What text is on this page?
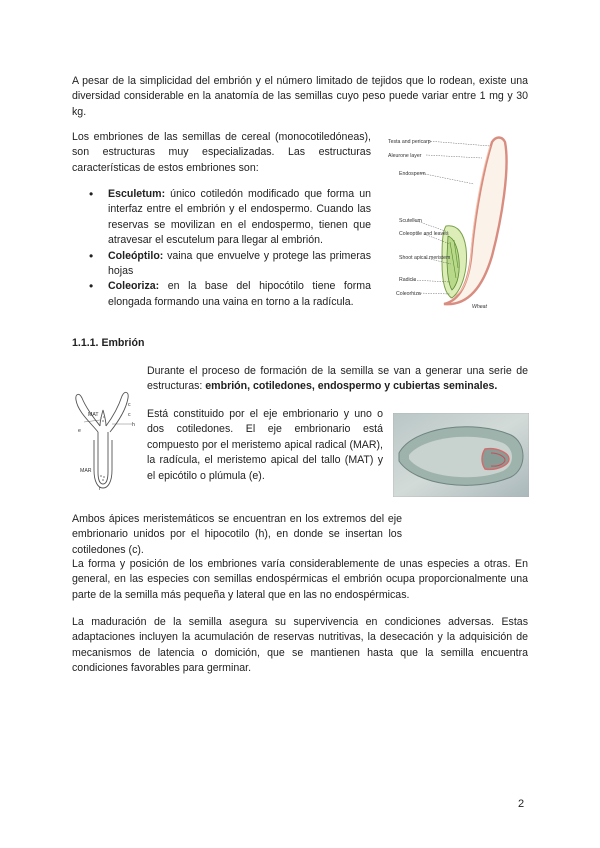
A pesar de la simplicidad del embrión y el número limitado de tejidos que lo rodean, existe una diversidad considerable en la anatomía de las semillas cuyo peso puede variar entre 1 mg y 30 kg.

Los embriones de las semillas de cereal (monocotiledóneas), son estructuras muy especializadas. Las estructuras características de estos embriones son:

• Esculetum: único cotiledón modificado que forma un interfaz entre el embrión y el endospermo. Cuando las reservas se movilizan en el endospermo, tienen que atravesar el escutelum para llegar al embrión.
• Coleóptilo: vaina que envuelve y protege las primeras hojas
• Coleoriza: en la base del hipocótilo tiene forma elongada formando una vaina en torno a la radícula.
Testa and pericarp
Aleurone layer
Endosperm
Scutellum
Coleoptile and leaves
Shoot apical meristem
Radicle
Coleorhiza
Wheat
1.1.1. Embrión

Durante el proceso de formación de la semilla se van a generar una serie de estructuras: embrión, cotiledones, endospermo y cubiertas seminales.

MAT
MAR
c
c
h
r
e

Está constituido por el eje embrionario y uno o dos cotiledones. El eje embrionario está compuesto por el meristemo apical radical (MAR), la radícula, el meristemo apical del tallo (MAT) y el epicótilo o plúmula (e).

Ambos ápices meristemáticos se encuentran en los extremos del eje embrionario unidos por el hipocotilo (h), en donde se insertan los cotiledones (c).

La forma y posición de los embriones varía considerablemente de unas especies a otras. En general, en las especies con semillas endospérmicas el embrión ocupa proporcionalmente una parte de la semilla más pequeña y lateral que en las no endospérmicas.

La maduración de la semilla asegura su supervivencia en condiciones adversas. Estas adaptaciones incluyen la acumulación de reservas nutritivas, la desecación y la adquisición de mecanismos de latencia o domición, que se mantienen hasta que la semilla encuentra condiciones favorables para germinar.

2
